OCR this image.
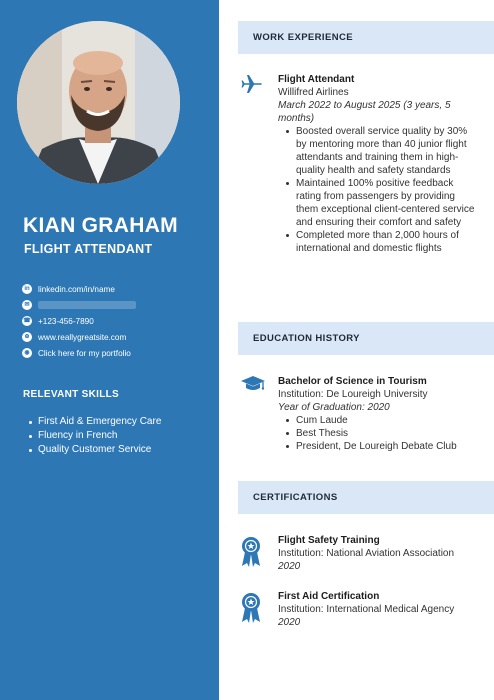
KIAN GRAHAM
FLIGHT ATTENDANT
in linkedin.com/in/name
✉
☎ +123-456-7890
⊕	www.reallygreatsite.com
◉ Click here for my portfolio
RELEVANT SKILLS
First Aid & Emergency Care
Fluency in French
Quality Customer Service
WORK EXPERIENCE
Flight Attendant
Willifred Airlines
March 2022 to August 2025 (3 years, 5 months)
Boosted overall service quality by 30% by mentoring more than 40 junior flight attendants and training them in high-quality health and safety standards
Maintained 100% positive feedback rating from passengers by providing them exceptional client-centered service and ensuring their comfort and safety
Completed more than 2,000 hours of international and domestic flights
EDUCATION HISTORY
Bachelor of Science in Tourism
Institution: De Loureigh University
Year of Graduation: 2020
Cum Laude
Best Thesis
President, De Loureigh Debate Club
CERTIFICATIONS
Flight Safety Training
Institution: National Aviation Association
2020
First Aid Certification
Institution: International Medical Agency
2020
